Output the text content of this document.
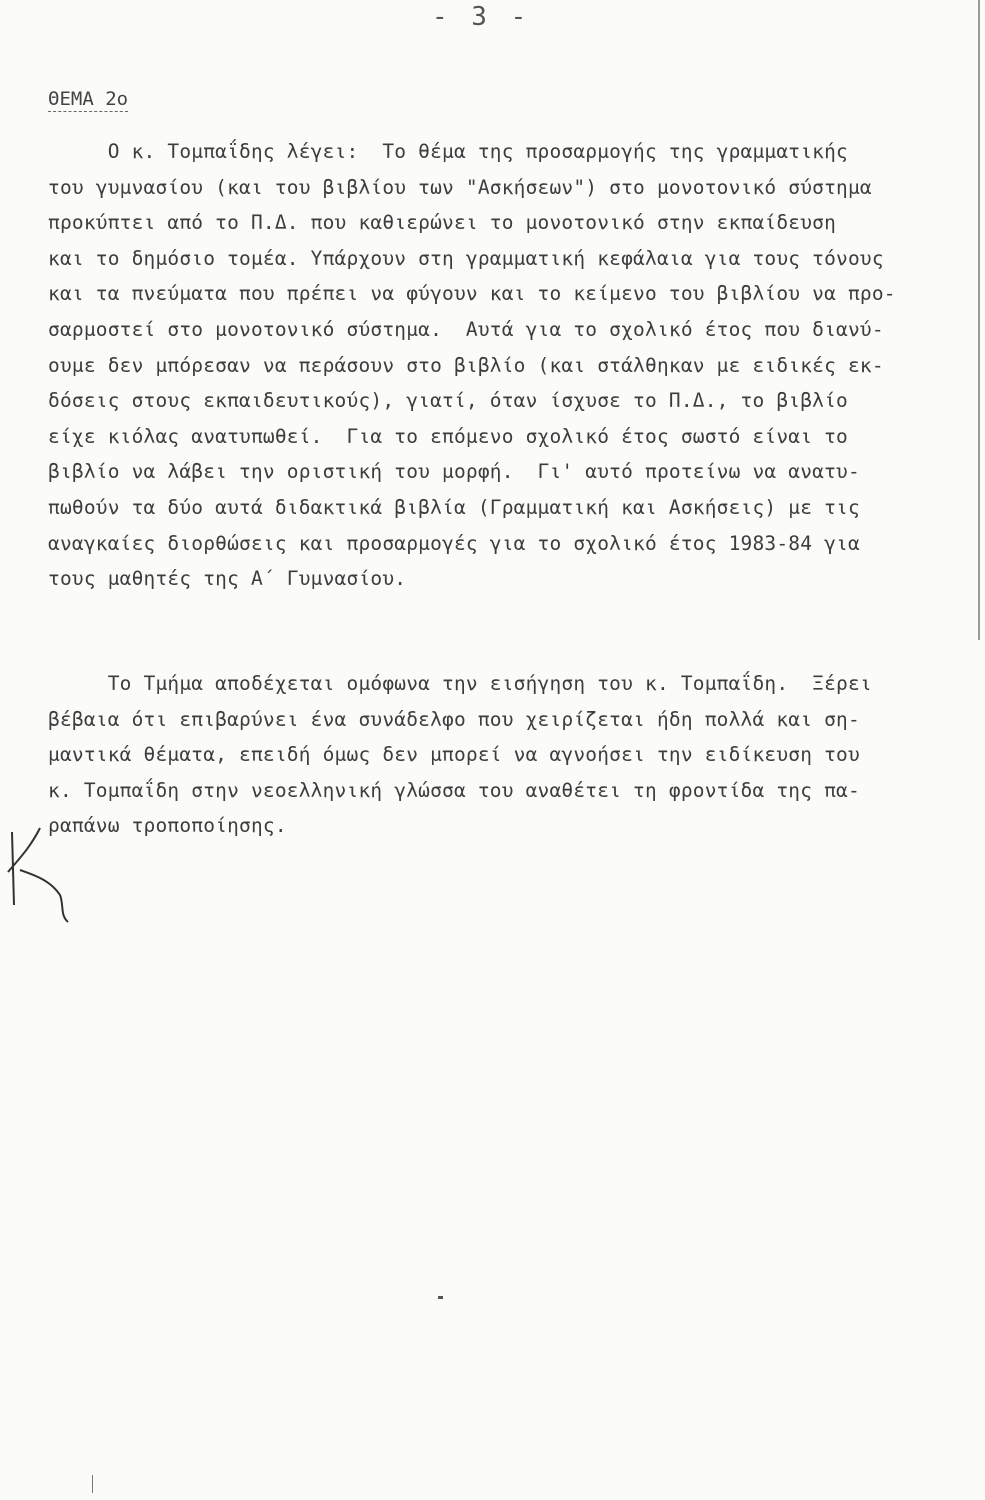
- 3 -
ΘΕΜΑ 2ο
Ο κ. Τομπαΐδης λέγει:  Το θέμα της προσαρμογής της γραμματικής
του γυμνασίου (και του βιβλίου των "Ασκήσεων") στο μονοτονικό σύστημα
προκύπτει από το Π.Δ. που καθιερώνει το μονοτονικό στην εκπαίδευση
και το δημόσιο τομέα. Υπάρχουν στη γραμματική κεφάλαια για τους τόνους
και τα πνεύματα που πρέπει να φύγουν και το κείμενο του βιβλίου να προ-
σαρμοστεί στο μονοτονικό σύστημα.  Αυτά για το σχολικό έτος που διανύ-
ουμε δεν μπόρεσαν να περάσουν στο βιβλίο (και στάλθηκαν με ειδικές εκ-
δόσεις στους εκπαιδευτικούς), γιατί, όταν ίσχυσε το Π.Δ., το βιβλίο
είχε κιόλας ανατυπωθεί.  Για το επόμενο σχολικό έτος σωστό είναι το
βιβλίο να λάβει την οριστική του μορφή.  Γι' αυτό προτείνω να ανατυ-
πωθούν τα δύο αυτά διδακτικά βιβλία (Γραμματική και Ασκήσεις) με τις
αναγκαίες διορθώσεις και προσαρμογές για το σχολικό έτος 1983-84 για
τους μαθητές της Α΄ Γυμνασίου.
Το Τμήμα αποδέχεται ομόφωνα την εισήγηση του κ. Τομπαΐδη.  Ξέρει
βέβαια ότι επιβαρύνει ένα συνάδελφο που χειρίζεται ήδη πολλά και ση-
μαντικά θέματα, επειδή όμως δεν μπορεί να αγνοήσει την ειδίκευση του
κ. Τομπαΐδη στην νεοελληνική γλώσσα του αναθέτει τη φροντίδα της πα-
ραπάνω τροποποίησης.
